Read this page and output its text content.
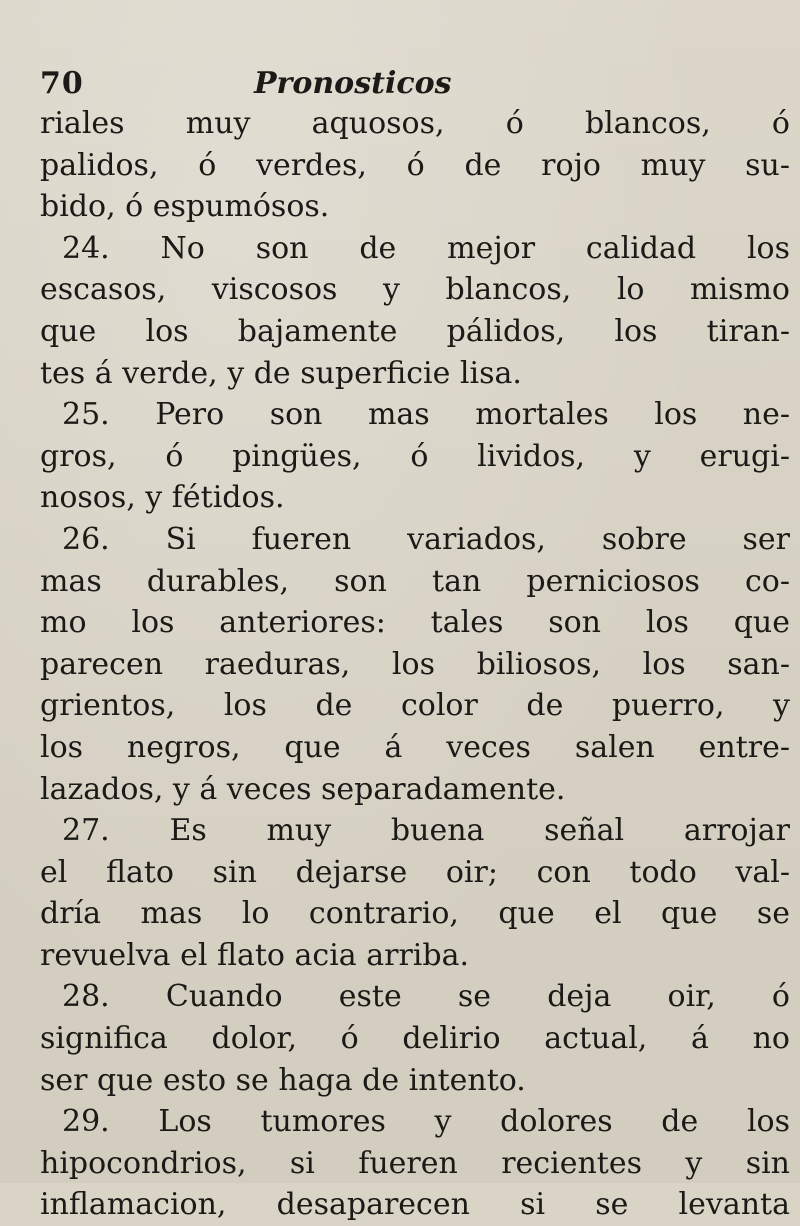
70	Pronosticos
riales muy aquosos, ó blancos, ó
palidos, ó verdes, ó de rojo muy su-
bido, ó espumósos.
24. No son de mejor calidad los
escasos, viscosos y blancos, lo mismo
que los bajamente pálidos, los tiran-
tes á verde, y de superficie lisa.
25. Pero son mas mortales los ne-
gros, ó pingües, ó lividos, y erugi-
nosos, y fétidos.
26. Si fueren variados, sobre ser
mas durables, son tan perniciosos co-
mo los anteriores: tales son los que
parecen raeduras, los biliosos, los san-
grientos, los de color de puerro, y
los negros, que á veces salen entre-
lazados, y á veces separadamente.
27. Es muy buena señal arrojar
el flato sin dejarse oir; con todo val-
dría mas lo contrario, que el que se
revuelva el flato acia arriba.
28. Cuando este se deja oir, ó
significa dolor, ó delirio actual, á no
ser que esto se haga de intento.
29. Los tumores y dolores de los
hipocondrios, si fueren recientes y sin
inflamacion, desaparecen si se levanta
